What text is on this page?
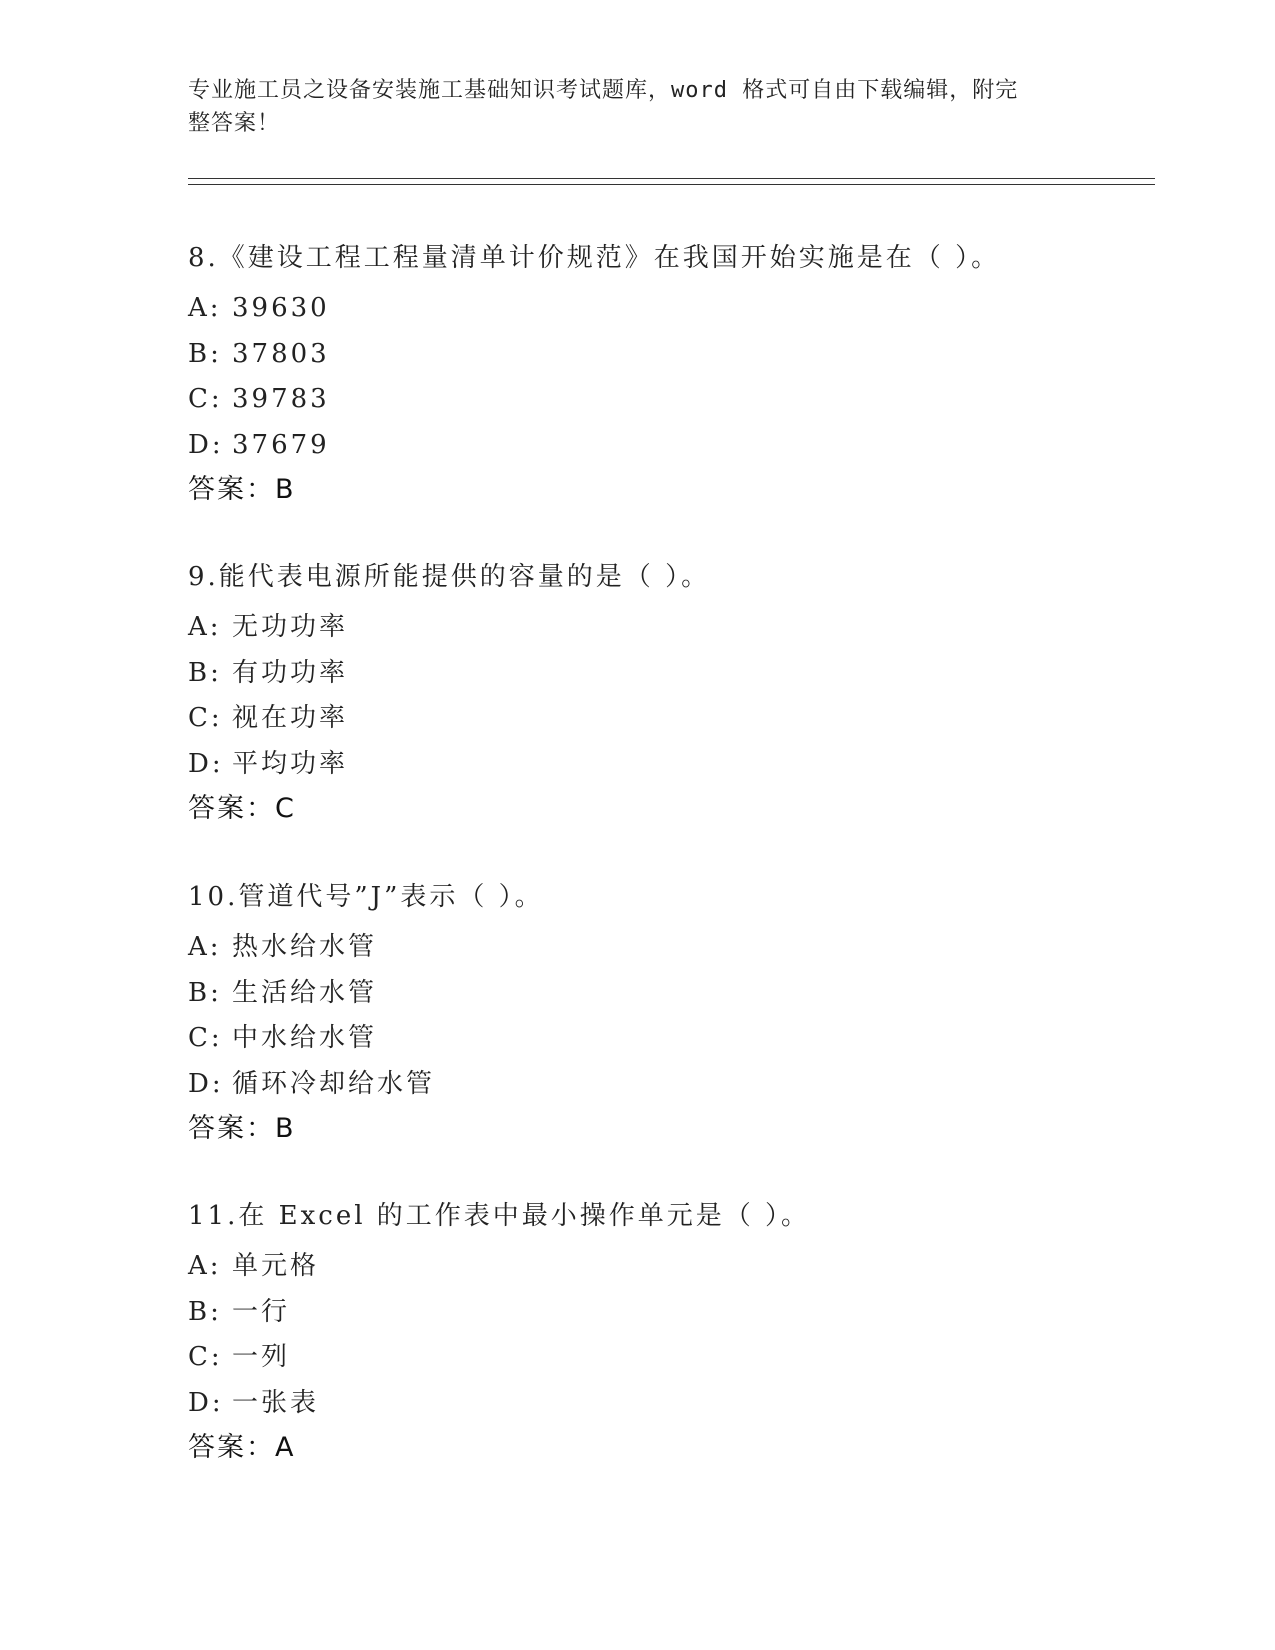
专业施工员之设备安装施工基础知识考试题库，word 格式可自由下载编辑，附完
整答案！
8.《建设工程工程量清单计价规范》在我国开始实施是在（ ）。
A: 39630
B: 37803
C: 39783
D: 37679
答案：B
9.能代表电源所能提供的容量的是（ ）。
A: 无功功率
B: 有功功率
C: 视在功率
D: 平均功率
答案：C
10.管道代号”J”表示（ ）。
A: 热水给水管
B: 生活给水管
C: 中水给水管
D: 循环冷却给水管
答案：B
11.在 Excel 的工作表中最小操作单元是（ ）。
A: 单元格
B: 一行
C: 一列
D: 一张表
答案：A
